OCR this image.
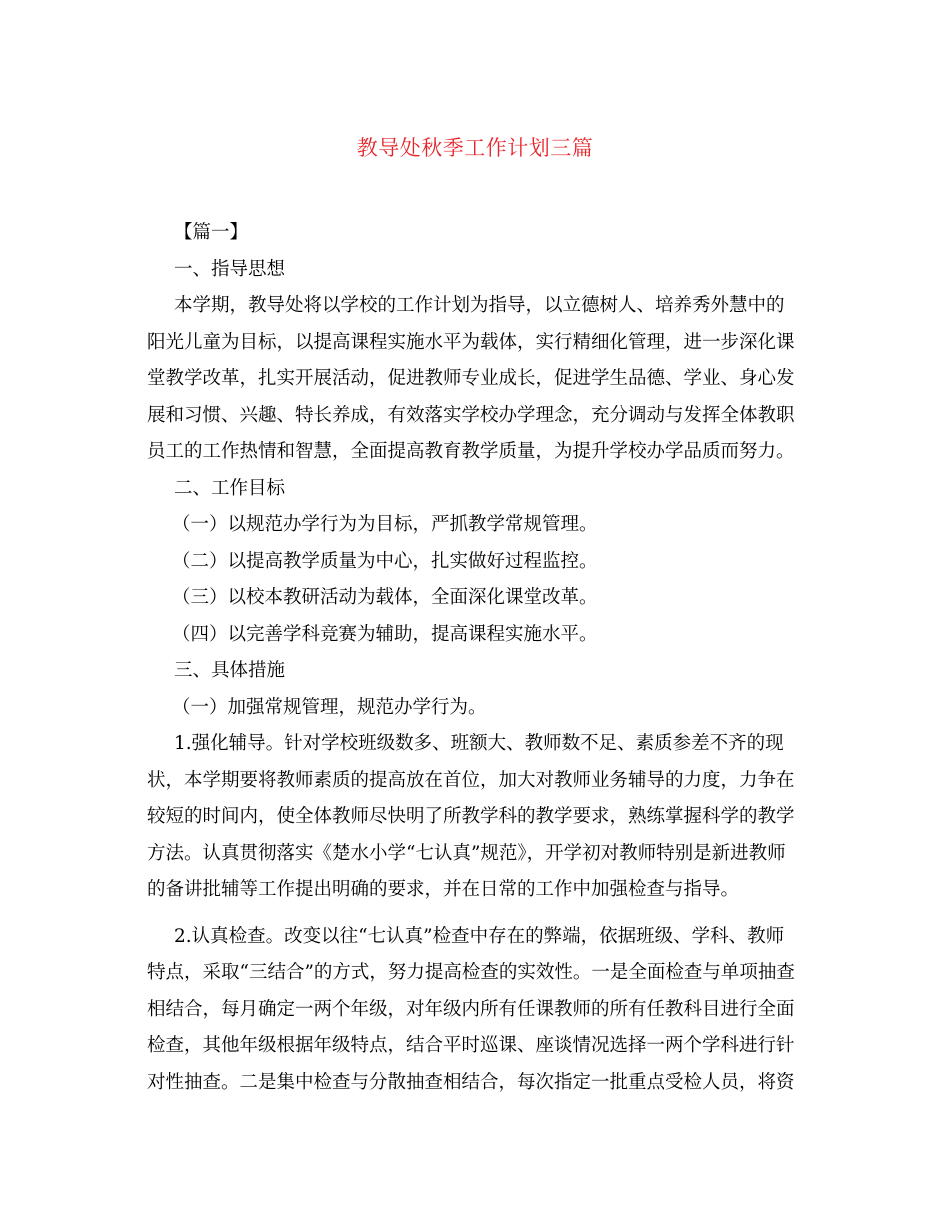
教导处秋季工作计划三篇
【篇一】
一、指导思想
本学期，教导处将以学校的工作计划为指导，以立德树人、培养秀外慧中的
阳光儿童为目标，以提高课程实施水平为载体，实行精细化管理，进一步深化课
堂教学改革，扎实开展活动，促进教师专业成长，促进学生品德、学业、身心发
展和习惯、兴趣、特长养成，有效落实学校办学理念，充分调动与发挥全体教职
员工的工作热情和智慧，全面提高教育教学质量，为提升学校办学品质而努力。
二、工作目标
（一）以规范办学行为为目标，严抓教学常规管理。
（二）以提高教学质量为中心，扎实做好过程监控。
（三）以校本教研活动为载体，全面深化课堂改革。
（四）以完善学科竞赛为辅助，提高课程实施水平。
三、具体措施
（一）加强常规管理，规范办学行为。
1.强化辅导。针对学校班级数多、班额大、教师数不足、素质参差不齐的现
状，本学期要将教师素质的提高放在首位，加大对教师业务辅导的力度，力争在
较短的时间内，使全体教师尽快明了所教学科的教学要求，熟练掌握科学的教学
方法。认真贯彻落实《楚水小学“七认真”规范》，开学初对教师特别是新进教师
的备讲批辅等工作提出明确的要求，并在日常的工作中加强检查与指导。
2.认真检查。改变以往“七认真”检查中存在的弊端，依据班级、学科、教师
特点，采取“三结合”的方式，努力提高检查的实效性。一是全面检查与单项抽查
相结合，每月确定一两个年级，对年级内所有任课教师的所有任教科目进行全面
检查，其他年级根据年级特点，结合平时巡课、座谈情况选择一两个学科进行针
对性抽查。二是集中检查与分散抽查相结合，每次指定一批重点受检人员，将资
